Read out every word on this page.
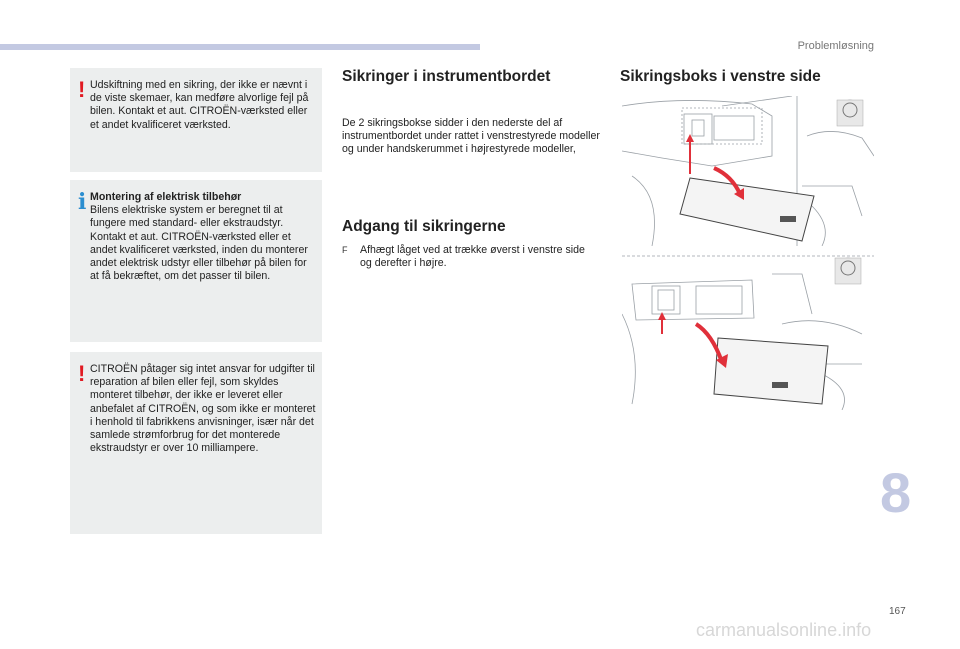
Problemløsning
! Udskiftning med en sikring, der ikke er nævnt i de viste skemaer, kan medføre alvorlige fejl på bilen. Kontakt et aut. CITROËN-værksted eller et andet kvalificeret værksted.
i Montering af elektrisk tilbehør
Bilens elektriske system er beregnet til at fungere med standard- eller ekstraudstyr. Kontakt et aut. CITROËN-værksted eller et andet kvalificeret værksted, inden du monterer andet elektrisk udstyr eller tilbehør på bilen for at få bekræftet, om det passer til bilen.
! CITROËN påtager sig intet ansvar for udgifter til reparation af bilen eller fejl, som skyldes monteret tilbehør, der ikke er leveret eller anbefalet af CITROËN, og som ikke er monteret i henhold til fabrikkens anvisninger, især når det samlede strømforbrug for det monterede ekstraudstyr er over 10 milliampere.
Sikringer i instrumentbordet
De 2 sikringsbokse sidder i den nederste del af instrumentbordet under rattet i venstrestyrede modeller og under handskerummet i højrestyrede modeller,
Adgang til sikringerne
F Afhægt låget ved at trække øverst i venstre side og derefter i højre.
Sikringsboks i venstre side
8
167
carmanualsonline.info
